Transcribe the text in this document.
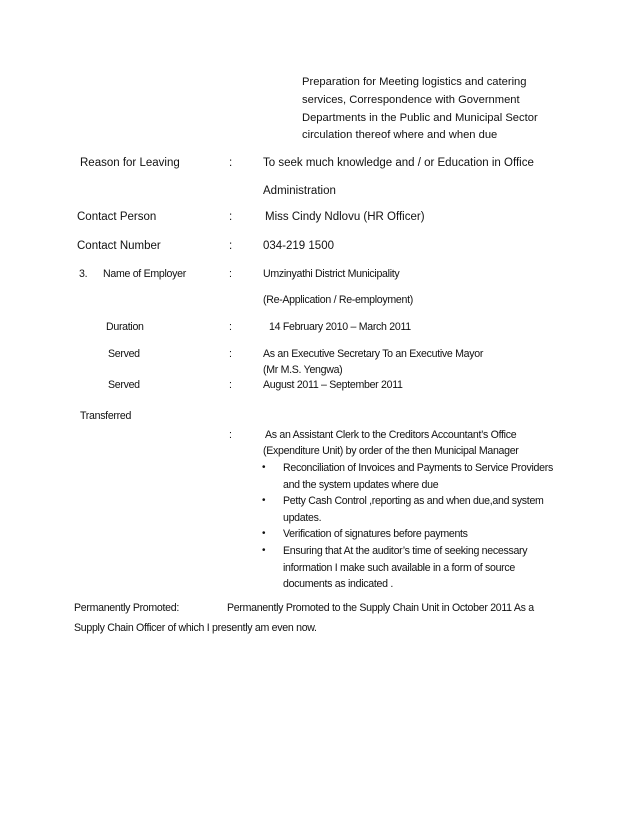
Preparation for Meeting logistics and catering
services, Correspondence with Government
Departments in the Public and Municipal Sector
circulation thereof where and when due
Reason for Leaving	:	To seek much knowledge and / or Education in Office
Administration
Contact Person	:	Miss Cindy Ndlovu (HR Officer)
Contact Number	:	034-219 1500
3. Name of Employer	:	Umzinyathi District Municipality
(Re-Application / Re-employment)
Duration	:	14 February 2010 – March 2011
Served	:	As an Executive Secretary To an Executive Mayor
(Mr M.S. Yengwa)
Served	:	August 2011 – September 2011
Transferred
:	As an Assistant Clerk to the Creditors Accountant’s Office
(Expenditure Unit) by order of the then Municipal Manager
• Reconciliation of Invoices and Payments to Service Providers
and the system updates where due
• Petty Cash Control ,reporting as and when due,and system
updates.
• Verification of signatures before payments
• Ensuring that At the auditor’s time of seeking necessary
information I make such available in a form of source
documents as indicated .
Permanently Promoted:	Permanently Promoted to the Supply Chain Unit in October 2011 As a
Supply Chain Officer of which I presently am even now.
